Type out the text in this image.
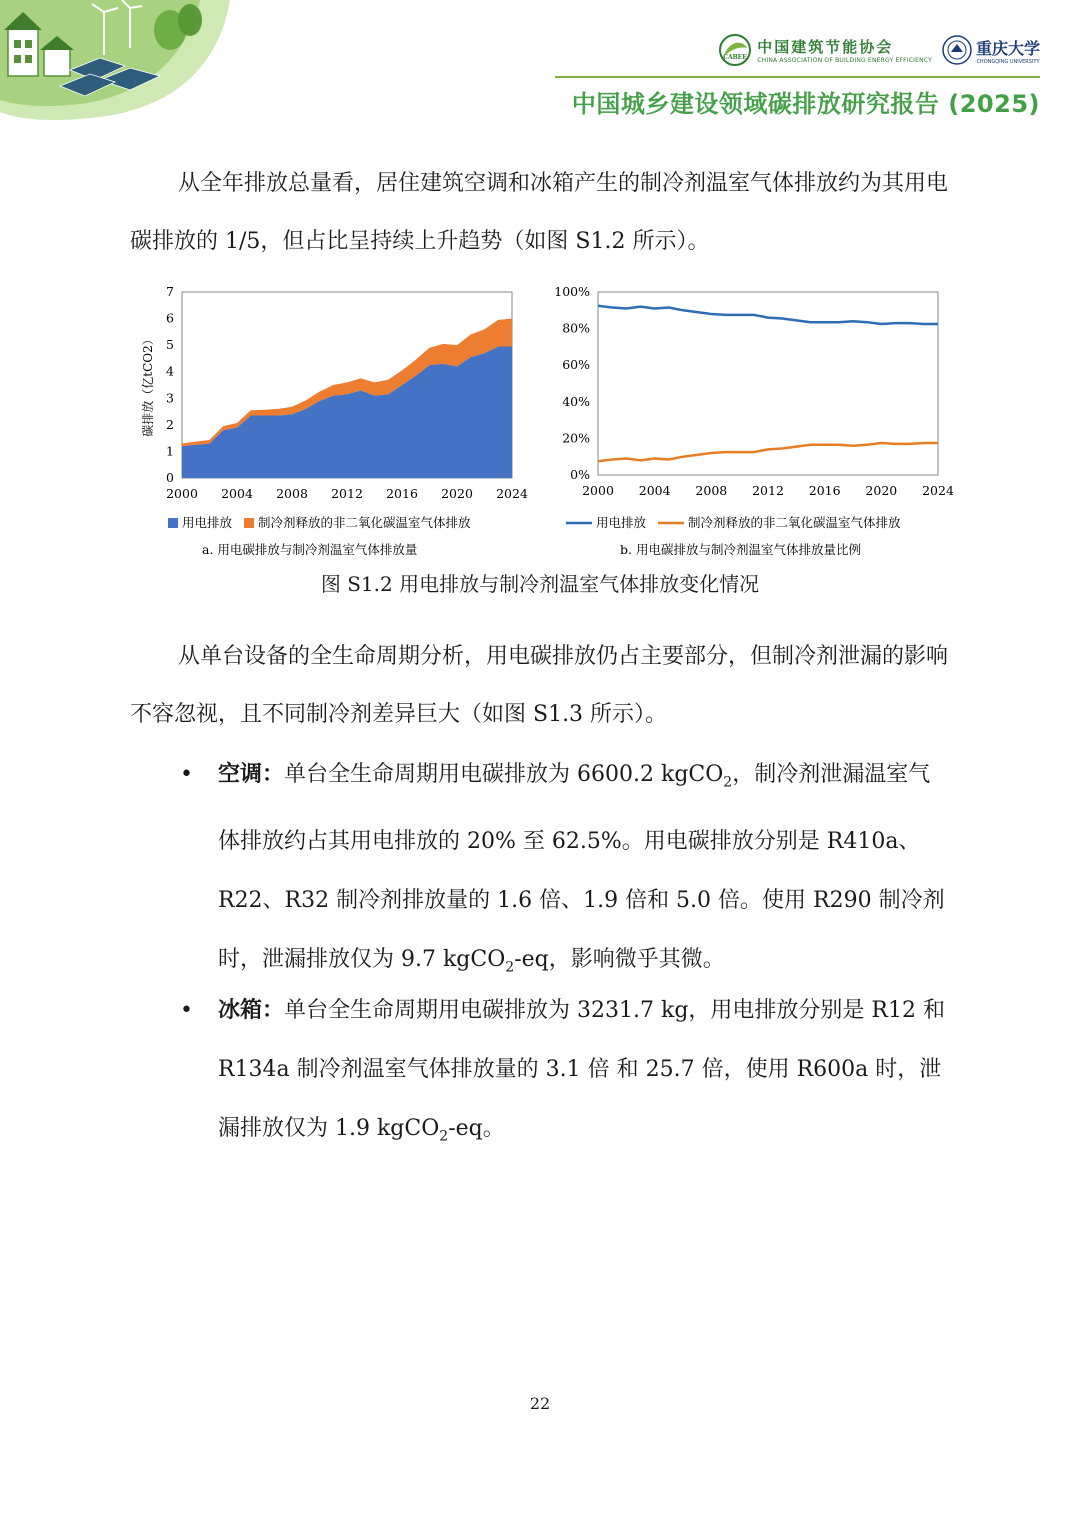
CABEE
中国建筑节能协会
CHINA ASSOCIATION OF BUILDING ENERGY EFFICIENCY
重庆大学
CHONGQING UNIVERSITY
中国城乡建设领域碳排放研究报告 (2025)

从全年排放总量看，居住建筑空调和冰箱产生的制冷剂温室气体排放约为其用电碳排放的 1/5，但占比呈持续上升趋势（如图 S1.2 所示）。

0
1
2
3
4
5
6
7
2000 2004 2008 2012 2016 2020 2024
碳排放（亿tCO2）
用电排放 制冷剂释放的非二氧化碳温室气体排放
a. 用电碳排放与制冷剂温室气体排放量
0%
20%
40%
60%
80%
100%
2000 2004 2008 2012 2016 2020 2024
用电排放	制冷剂释放的非二氧化碳温室气体排放
b. 用电碳排放与制冷剂温室气体排放量比例
图 S1.2 用电排放与制冷剂温室气体排放变化情况

从单台设备的全生命周期分析，用电碳排放仍占主要部分，但制冷剂泄漏的影响不容忽视，且不同制冷剂差异巨大（如图 S1.3 所示）。

•	空调：单台全生命周期用电碳排放为 6600.2 kgCO$_2$，制冷剂泄漏温室气体排放约占其用电排放的 20% 至 62.5%。用电碳排放分别是 R410a、R22、R32 制冷剂排放量的 1.6 倍、1.9 倍和 5.0 倍。使用 R290 制冷剂时，泄漏排放仅为 9.7 kgCO$_2$-eq，影响微乎其微。
•	冰箱：单台全生命周期用电碳排放为 3231.7 kg，用电排放分别是 R12 和 R134a 制冷剂温室气体排放量的 3.1 倍 和 25.7 倍，使用 R600a 时，泄漏排放仅为 1.9 kgCO$_2$-eq。
22
